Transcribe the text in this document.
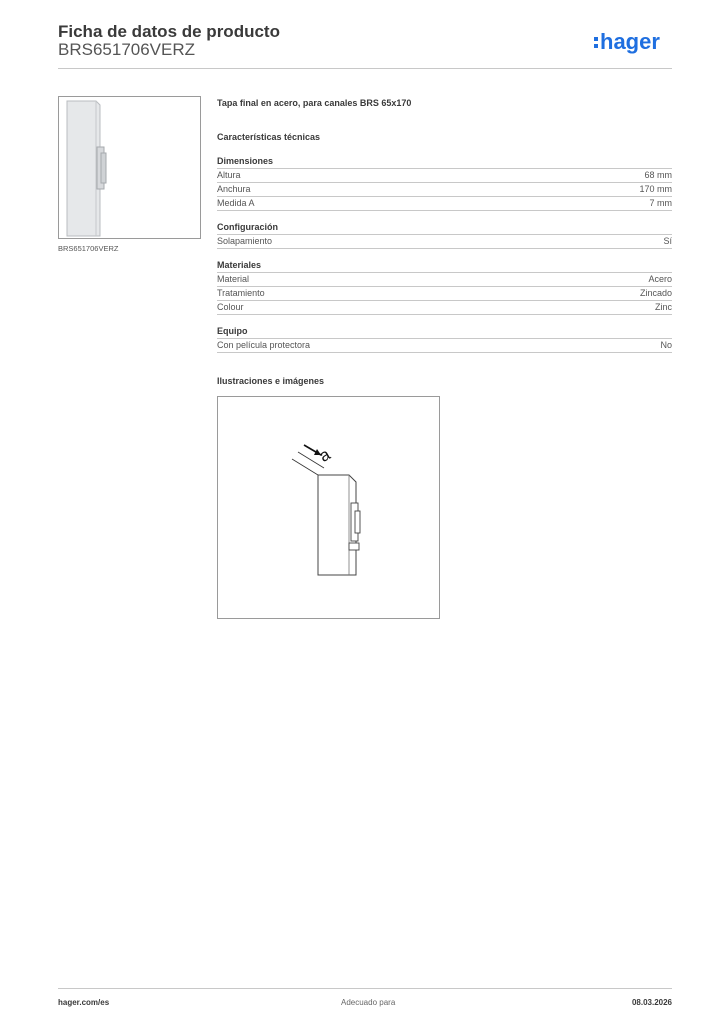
Ficha de datos de producto
BRS651706VERZ	hager
BRS651706VERZ
Tapa final en acero, para canales BRS 65x170
Características técnicas
Dimensiones
Altura	68 mm
Anchura	170 mm
Medida A	7 mm
Configuración
Solapamiento	Sí
Materiales
Material	Acero
Tratamiento	Zincado
Colour	Zinc
Equipo
Con película protectora	No
Ilustraciones e imágenes
a
hager.com/es	Adecuado para	08.03.2026
